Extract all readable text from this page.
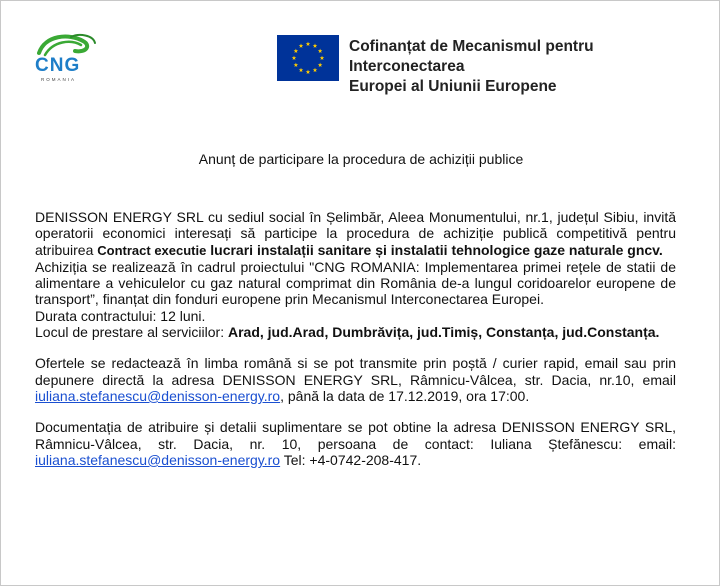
CNG
ROMANIA
Cofinanțat de Mecanismul pentru Interconectarea
Europei al Uniunii Europene
Anunț de participare la procedura de achiziții publice

DENISSON ENERGY SRL cu sediul social în Șelimbăr, Aleea Monumentului, nr.1, județul Sibiu, invită operatorii economici interesați să participe la procedura de achiziție publică competitivă pentru atribuirea Contract executie lucrari instalații sanitare și instalatii tehnologice gaze naturale gncv.

Achiziția se realizează în cadrul proiectului "CNG ROMANIA: Implementarea primei rețele de statii de alimentare a vehiculelor cu gaz natural comprimat din România de-a lungul coridoarelor europene de transport”, finanțat din fonduri europene prin Mecanismul Interconectarea Europei.

Durata contractului: 12 luni.

Locul de prestare al serviciilor: Arad, jud.Arad, Dumbrăvița, jud.Timiș, Constanța, jud.Constanța.

Ofertele se redactează în limba română si se pot transmite prin poștă / curier rapid, email sau prin depunere directă la adresa DENISSON ENERGY SRL, Râmnicu-Vâlcea, str. Dacia, nr.10, email iuliana.stefanescu@denisson-energy.ro, până la data de 17.12.2019, ora 17:00.

Documentația de atribuire și detalii suplimentare se pot obtine la adresa DENISSON ENERGY SRL, Râmnicu-Vâlcea, str. Dacia, nr. 10, persoana de contact: Iuliana Ștefănescu: email: iuliana.stefanescu@denisson-energy.ro Tel: +4-0742-208-417.
